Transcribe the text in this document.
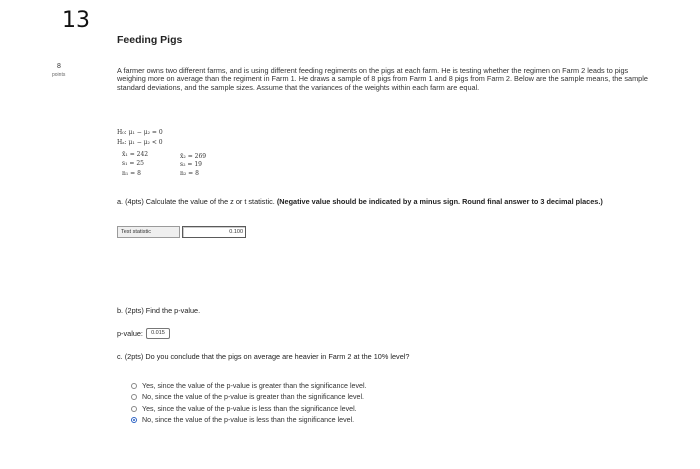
13
8
points
Feeding Pigs
A farmer owns two different farms, and is using different feeding regiments on the pigs at each farm. He is testing whether the regimen on Farm 2 leads to pigs weighing more on average than the regiment in Farm 1. He draws a sample of 8 pigs from Farm 1 and 8 pigs from Farm 2. Below are the sample means, the sample standard deviations, and the sample sizes. Assume that the variances of the weights within each farm are equal.
H₀: μ₁ − μ₂ = 0
Hₐ: μ₁ − μ₂ < 0
x̄₁ = 242
s₁ = 25
n₁ = 8
x̄₂ = 269
s₂ = 19
n₂ = 8
a. (4pts) Calculate the value of the z or t statistic. (Negative value should be indicated by a minus sign. Round final answer to 3 decimal places.)
Test statistic	0.100
b. (2pts) Find the p-value.
p-value:	0.015
c. (2pts) Do you conclude that the pigs on average are heavier in Farm 2 at the 10% level?
Yes, since the value of the p-value is greater than the significance level.
No, since the value of the p-value is greater than the significance level.
Yes, since the value of the p-value is less than the significance level.
No, since the value of the p-value is less than the significance level.
